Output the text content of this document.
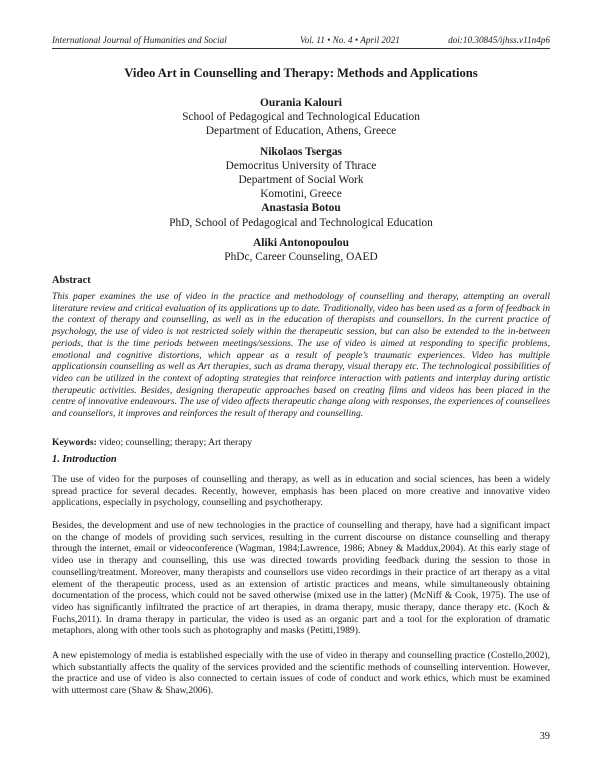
International Journal of Humanities and Social	Vol. 11 • No. 4 • April 2021	doi:10.30845/ijhss.v11n4p6
Video Art in Counselling and Therapy: Methods and Applications
Ourania Kalouri
School of Pedagogical and Technological Education
Department of Education, Athens, Greece
Nikolaos Tsergas
Democritus University of Thrace
Department of Social Work
Komotini, Greece
Anastasia Botou
PhD, School of Pedagogical and Technological Education
Aliki Antonopoulou
PhDc, Career Counseling, OAED
Abstract
This paper examines the use of video in the practice and methodology of counselling and therapy, attempting an overall literature review and critical evaluation of its applications up to date. Traditionally, video has been used as a form of feedback in the context of therapy and counselling, as well as in the education of therapists and counsellors. In the current practice of psychology, the use of video is not restricted solely within the therapeutic session, but can also be extended to the in-between periods, that is the time periods between meetings/sessions. The use of video is aimed at responding to specific problems, emotional and cognitive distortions, which appear as a result of people’s traumatic experiences. Video has multiple applicationsin counselling as well as Art therapies, such as drama therapy, visual therapy etc. The technological possibilities of video can be utilized in the context of adopting strategies that reinforce interaction with patients and interplay during artistic therapeutic activities. Besides, designing therapeutic approaches based on creating films and videos has been placed in the centre of innovative endeavours. The use of video affects therapeutic change along with responses, the experiences of counsellees and counsellors, it improves and reinforces the result of therapy and counselling.
Keywords: video; counselling; therapy; Art therapy
1. Introduction
The use of video for the purposes of counselling and therapy, as well as in education and social sciences, has been a widely spread practice for several decades. Recently, however, emphasis has been placed on more creative and innovative video applications, especially in psychology, counselling and psychotherapy.
Besides, the development and use of new technologies in the practice of counselling and therapy, have had a significant impact on the change of models of providing such services, resulting in the current discourse on distance counselling and therapy through the internet, email or videoconference (Wagman, 1984;Lawrence, 1986; Abney & Maddux,2004). At this early stage of video use in therapy and counselling, this use was directed towards providing feedback during the session to those in counselling/treatment. Moreover, many therapists and counsellors use video recordings in their practice of art therapy as a vital element of the therapeutic process, used as an extension of artistic practices and means, while simultaneously obtaining documentation of the process, which could not be saved otherwise (mixed use in the latter) (McNiff & Cook, 1975). The use of video has significantly infiltrated the practice of art therapies, in drama therapy, music therapy, dance therapy etc. (Koch & Fuchs,2011). In drama therapy in particular, the video is used as an organic part and a tool for the exploration of dramatic metaphors, along with other tools such as photography and masks (Petitti,1989).
A new epistemology of media is established especially with the use of video in therapy and counselling practice (Costello,2002), which substantially affects the quality of the services provided and the scientific methods of counselling intervention. However, the practice and use of video is also connected to certain issues of code of conduct and work ethics, which must be examined with uttermost care (Shaw & Shaw,2006).
39
